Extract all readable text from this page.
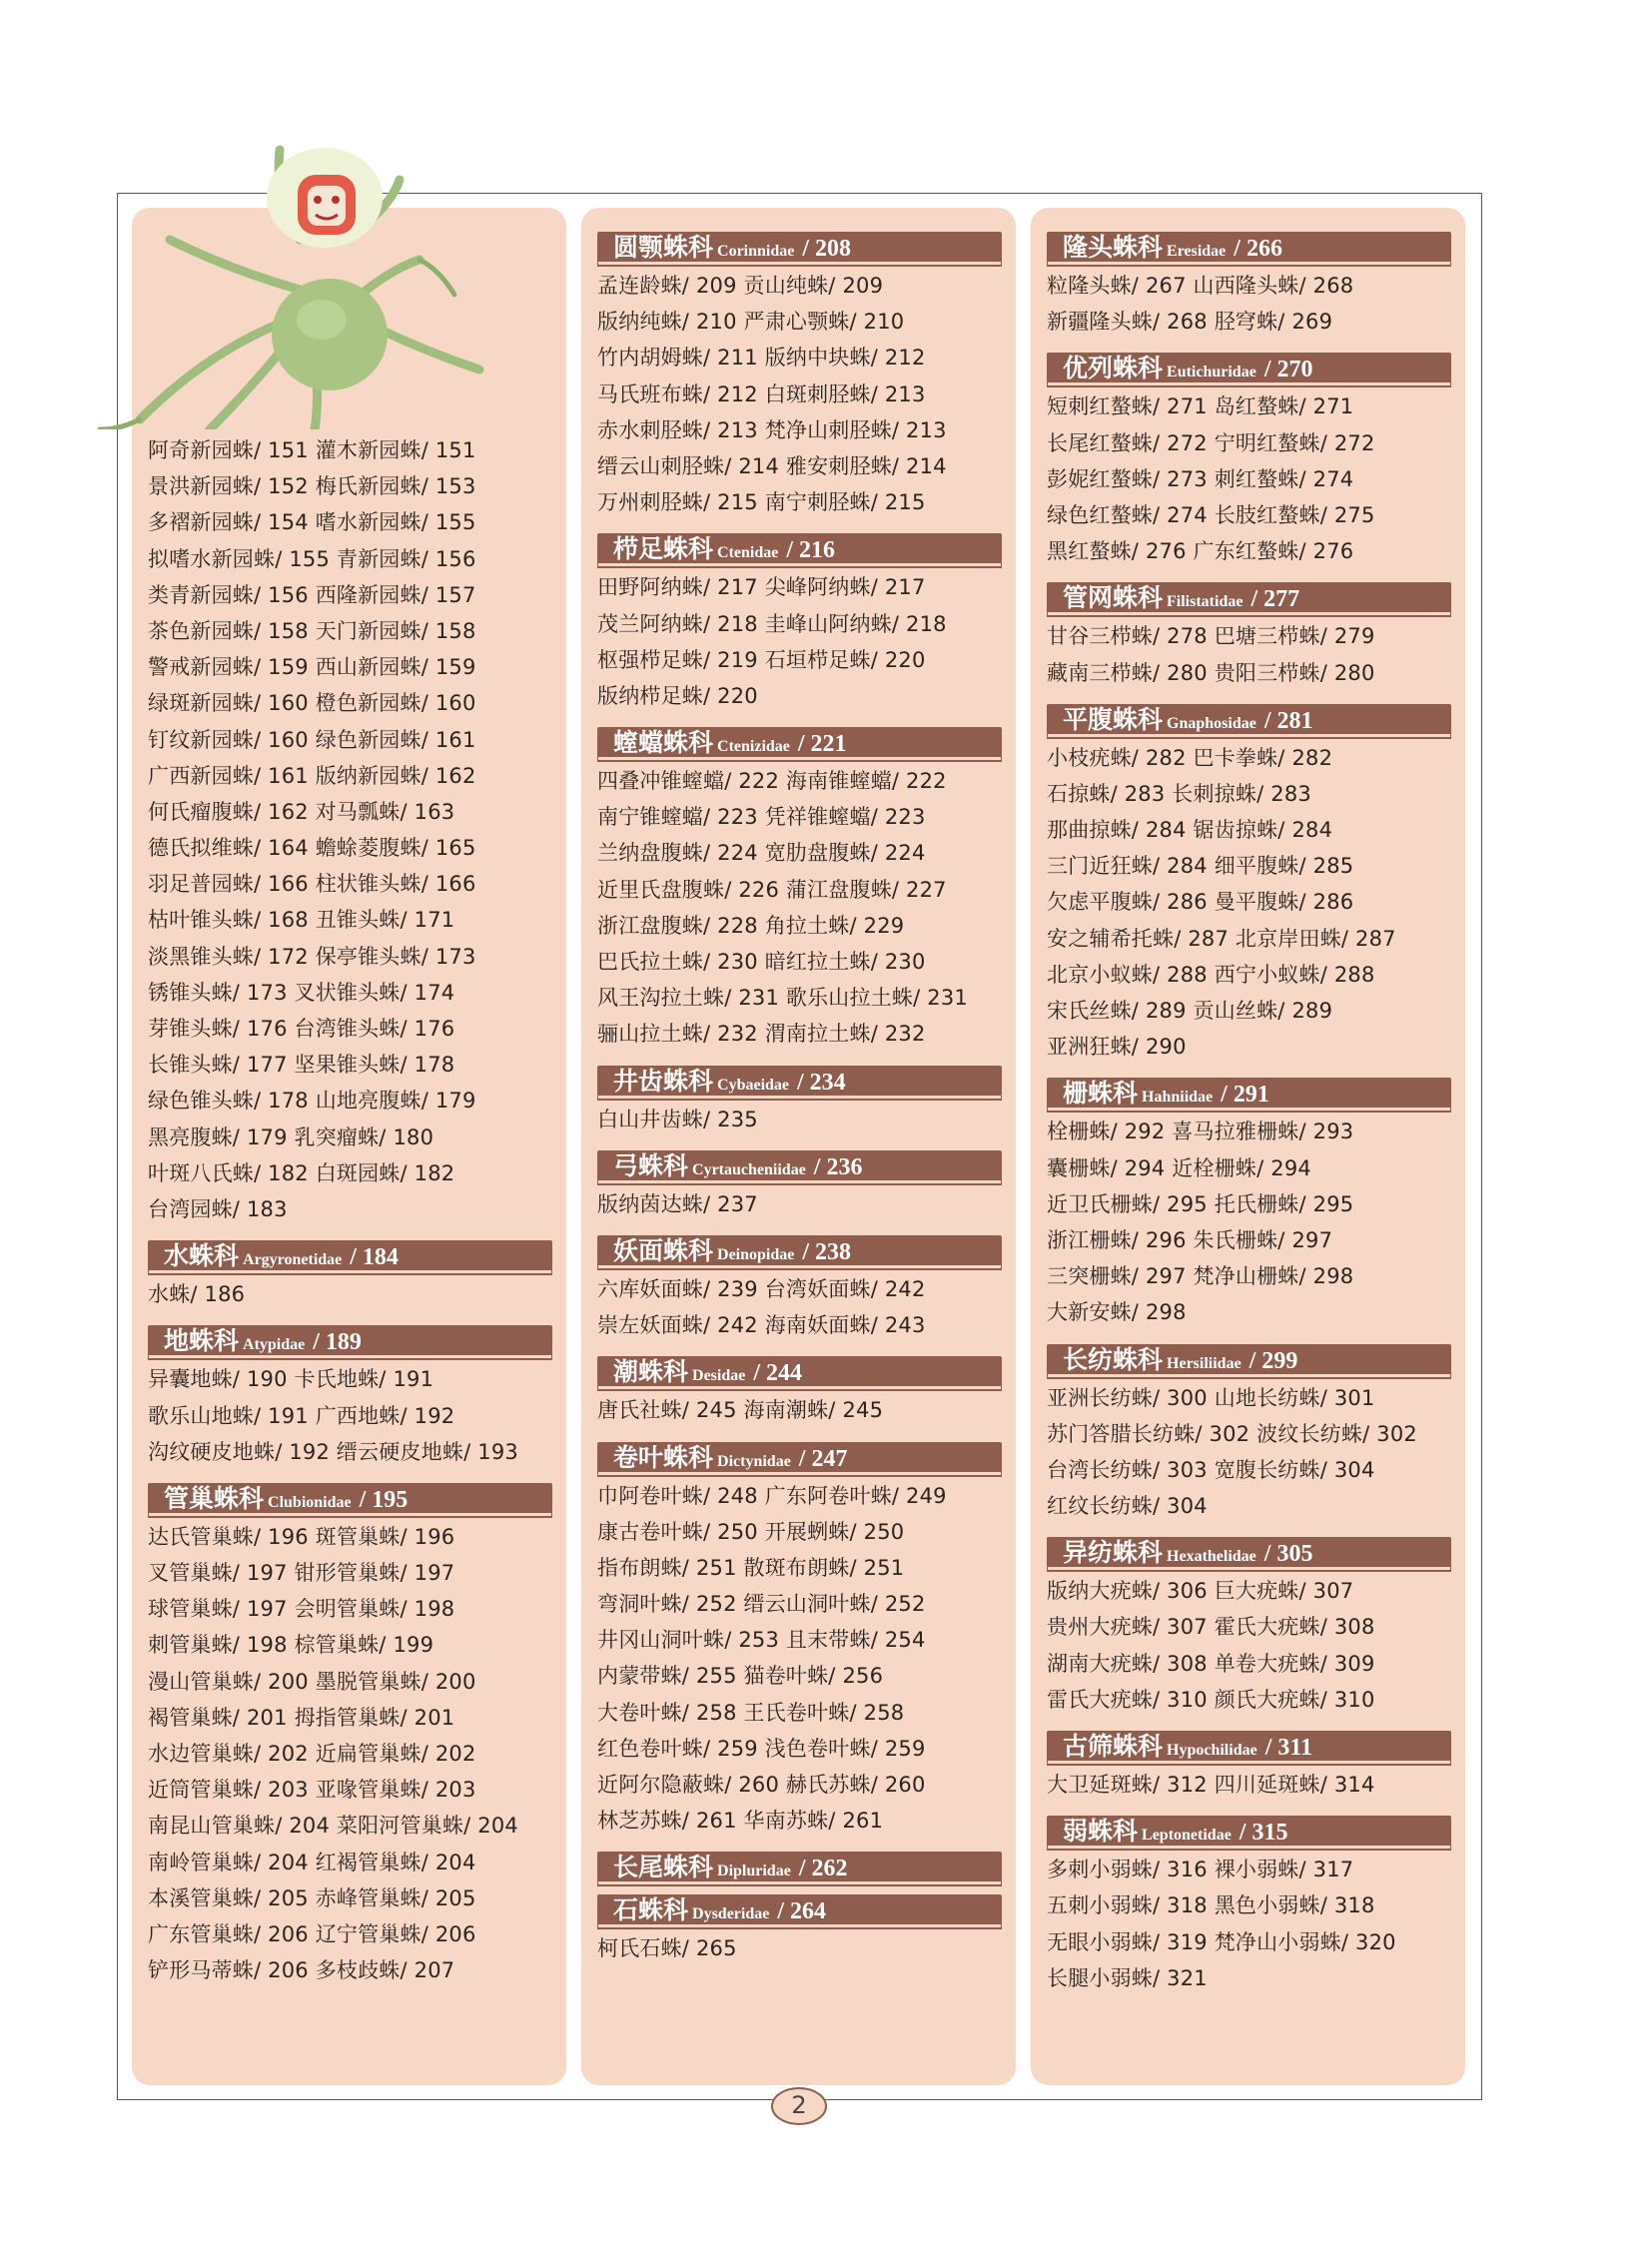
阿奇新园蛛/ 151 灌木新园蛛/ 151
景洪新园蛛/ 152 梅氏新园蛛/ 153
多褶新园蛛/ 154 嗜水新园蛛/ 155
拟嗜水新园蛛/ 155 青新园蛛/ 156
类青新园蛛/ 156 西隆新园蛛/ 157
茶色新园蛛/ 158 天门新园蛛/ 158
警戒新园蛛/ 159 西山新园蛛/ 159
绿斑新园蛛/ 160 橙色新园蛛/ 160
钉纹新园蛛/ 160 绿色新园蛛/ 161
广西新园蛛/ 161 版纳新园蛛/ 162
何氏瘤腹蛛/ 162 对马瓢蛛/ 163
德氏拟维蛛/ 164 蟾蜍菱腹蛛/ 165
羽足普园蛛/ 166 柱状锥头蛛/ 166
枯叶锥头蛛/ 168 丑锥头蛛/ 171
淡黑锥头蛛/ 172 保亭锥头蛛/ 173
锈锥头蛛/ 173 叉状锥头蛛/ 174
芽锥头蛛/ 176 台湾锥头蛛/ 176
长锥头蛛/ 177 坚果锥头蛛/ 178
绿色锥头蛛/ 178 山地亮腹蛛/ 179
黑亮腹蛛/ 179 乳突瘤蛛/ 180
叶斑八氏蛛/ 182 白斑园蛛/ 182
台湾园蛛/ 183
水蛛科 Argyronetidae / 184
水蛛/ 186
地蛛科 Atypidae / 189
异囊地蛛/ 190 卡氏地蛛/ 191
歌乐山地蛛/ 191 广西地蛛/ 192
沟纹硬皮地蛛/ 192 缙云硬皮地蛛/ 193
管巢蛛科 Clubionidae / 195
达氏管巢蛛/ 196 斑管巢蛛/ 196
叉管巢蛛/ 197 钳形管巢蛛/ 197
球管巢蛛/ 197 会明管巢蛛/ 198
刺管巢蛛/ 198 棕管巢蛛/ 199
漫山管巢蛛/ 200 墨脱管巢蛛/ 200
褐管巢蛛/ 201 拇指管巢蛛/ 201
水边管巢蛛/ 202 近扁管巢蛛/ 202
近筒管巢蛛/ 203 亚喙管巢蛛/ 203
南昆山管巢蛛/ 204 菜阳河管巢蛛/ 204
南岭管巢蛛/ 204 红褐管巢蛛/ 204
本溪管巢蛛/ 205 赤峰管巢蛛/ 205
广东管巢蛛/ 206 辽宁管巢蛛/ 206
铲形马蒂蛛/ 206 多枝歧蛛/ 207
圆颚蛛科 Corinnidae / 208
孟连龄蛛/ 209 贡山纯蛛/ 209
版纳纯蛛/ 210 严肃心颚蛛/ 210
竹内胡姆蛛/ 211 版纳中块蛛/ 212
马氏班布蛛/ 212 白斑刺胫蛛/ 213
赤水刺胫蛛/ 213 梵净山刺胫蛛/ 213
缙云山刺胫蛛/ 214 雅安刺胫蛛/ 214
万州刺胫蛛/ 215 南宁刺胫蛛/ 215
栉足蛛科 Ctenidae / 216
田野阿纳蛛/ 217 尖峰阿纳蛛/ 217
茂兰阿纳蛛/ 218 圭峰山阿纳蛛/ 218
枢强栉足蛛/ 219 石垣栉足蛛/ 220
版纳栉足蛛/ 220
螲蟷蛛科 Ctenizidae / 221
四叠冲锥螲蟷/ 222 海南锥螲蟷/ 222
南宁锥螲蟷/ 223 凭祥锥螲蟷/ 223
兰纳盘腹蛛/ 224 宽肋盘腹蛛/ 224
近里氏盘腹蛛/ 226 蒲江盘腹蛛/ 227
浙江盘腹蛛/ 228 角拉土蛛/ 229
巴氏拉土蛛/ 230 暗红拉土蛛/ 230
风王沟拉土蛛/ 231 歌乐山拉土蛛/ 231
骊山拉土蛛/ 232 渭南拉土蛛/ 232
井齿蛛科 Cybaeidae / 234
白山井齿蛛/ 235
弓蛛科 Cyrtaucheniidae / 236
版纳茵达蛛/ 237
妖面蛛科 Deinopidae / 238
六库妖面蛛/ 239 台湾妖面蛛/ 242
崇左妖面蛛/ 242 海南妖面蛛/ 243
潮蛛科 Desidae / 244
唐氏社蛛/ 245 海南潮蛛/ 245
卷叶蛛科 Dictynidae / 247
巾阿卷叶蛛/ 248 广东阿卷叶蛛/ 249
康古卷叶蛛/ 250 开展蛚蛛/ 250
指布朗蛛/ 251 散斑布朗蛛/ 251
弯洞叶蛛/ 252 缙云山洞叶蛛/ 252
井冈山洞叶蛛/ 253 且末带蛛/ 254
内蒙带蛛/ 255 猫卷叶蛛/ 256
大卷叶蛛/ 258 王氏卷叶蛛/ 258
红色卷叶蛛/ 259 浅色卷叶蛛/ 259
近阿尔隐蔽蛛/ 260 赫氏苏蛛/ 260
林芝苏蛛/ 261 华南苏蛛/ 261
长尾蛛科 Dipluridae / 262
石蛛科 Dysderidae / 264
柯氏石蛛/ 265
隆头蛛科 Eresidae / 266
粒隆头蛛/ 267 山西隆头蛛/ 268
新疆隆头蛛/ 268 胫穹蛛/ 269
优列蛛科 Eutichuridae / 270
短刺红螯蛛/ 271 岛红螯蛛/ 271
长尾红螯蛛/ 272 宁明红螯蛛/ 272
彭妮红螯蛛/ 273 刺红螯蛛/ 274
绿色红螯蛛/ 274 长肢红螯蛛/ 275
黑红螯蛛/ 276 广东红螯蛛/ 276
管网蛛科 Filistatidae / 277
甘谷三栉蛛/ 278 巴塘三栉蛛/ 279
藏南三栉蛛/ 280 贵阳三栉蛛/ 280
平腹蛛科 Gnaphosidae / 281
小枝疣蛛/ 282 巴卡拳蛛/ 282
石掠蛛/ 283 长刺掠蛛/ 283
那曲掠蛛/ 284 锯齿掠蛛/ 284
三门近狂蛛/ 284 细平腹蛛/ 285
欠虑平腹蛛/ 286 曼平腹蛛/ 286
安之辅希托蛛/ 287 北京岸田蛛/ 287
北京小蚁蛛/ 288 西宁小蚁蛛/ 288
宋氏丝蛛/ 289 贡山丝蛛/ 289
亚洲狂蛛/ 290
栅蛛科 Hahniidae / 291
栓栅蛛/ 292 喜马拉雅栅蛛/ 293
囊栅蛛/ 294 近栓栅蛛/ 294
近卫氏栅蛛/ 295 托氏栅蛛/ 295
浙江栅蛛/ 296 朱氏栅蛛/ 297
三突栅蛛/ 297 梵净山栅蛛/ 298
大新安蛛/ 298
长纺蛛科 Hersiliidae / 299
亚洲长纺蛛/ 300 山地长纺蛛/ 301
苏门答腊长纺蛛/ 302 波纹长纺蛛/ 302
台湾长纺蛛/ 303 宽腹长纺蛛/ 304
红纹长纺蛛/ 304
异纺蛛科 Hexathelidae / 305
版纳大疣蛛/ 306 巨大疣蛛/ 307
贵州大疣蛛/ 307 霍氏大疣蛛/ 308
湖南大疣蛛/ 308 单卷大疣蛛/ 309
雷氏大疣蛛/ 310 颜氏大疣蛛/ 310
古筛蛛科 Hypochilidae / 311
大卫延斑蛛/ 312 四川延斑蛛/ 314
弱蛛科 Leptonetidae / 315
多刺小弱蛛/ 316 裸小弱蛛/ 317
五刺小弱蛛/ 318 黑色小弱蛛/ 318
无眼小弱蛛/ 319 梵净山小弱蛛/ 320
长腿小弱蛛/ 321
2
